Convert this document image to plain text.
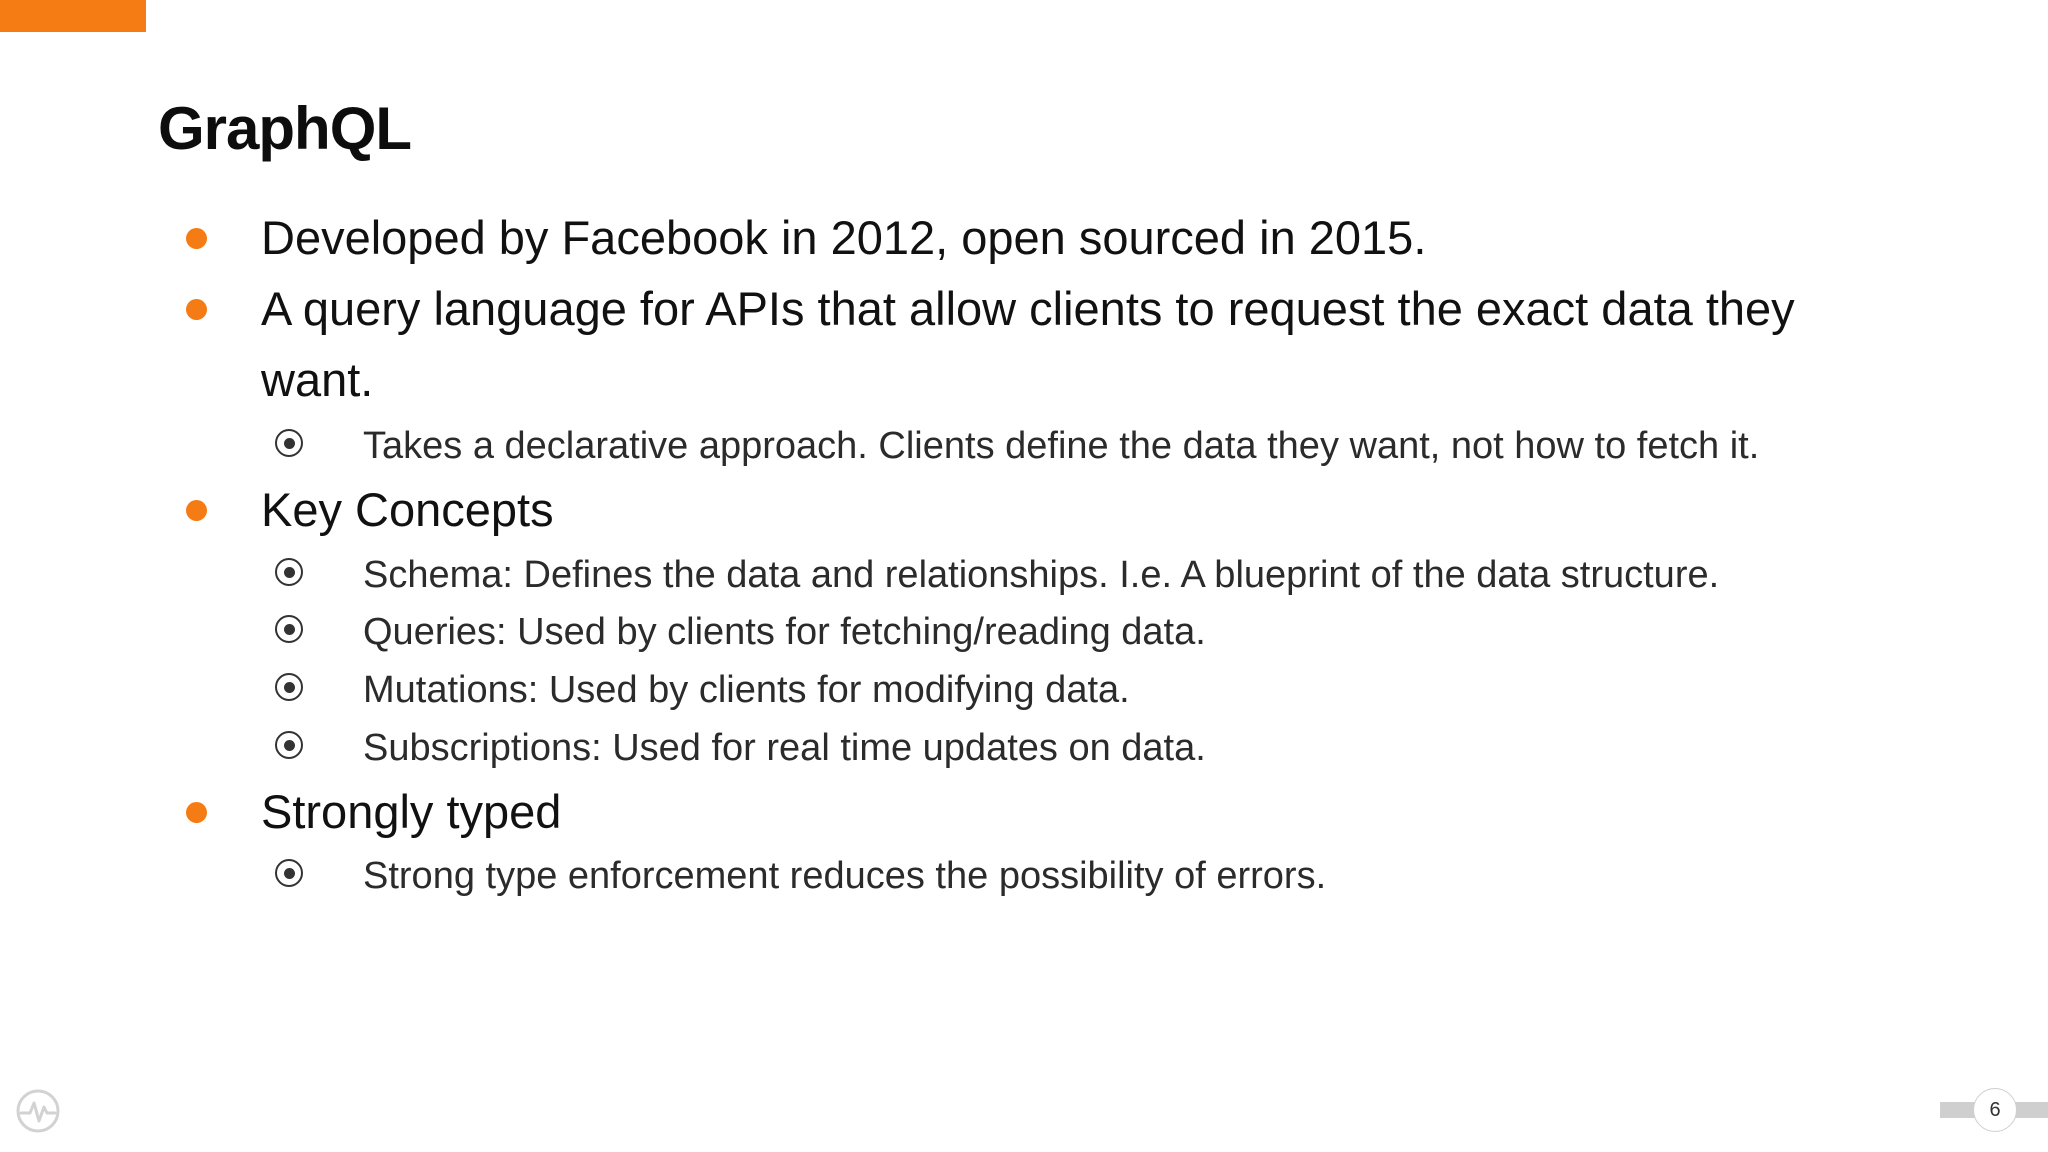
GraphQL
Developed by Facebook in 2012, open sourced in 2015.
A query language for APIs that allow clients to request the exact data they want.
Takes a declarative approach. Clients define the data they want, not how to fetch it.
Key Concepts
Schema: Defines the data and relationships. I.e. A blueprint of the data structure.
Queries: Used by clients for fetching/reading data.
Mutations: Used by clients for modifying data.
Subscriptions: Used for real time updates on data.
Strongly typed
Strong type enforcement reduces the possibility of errors.
6
